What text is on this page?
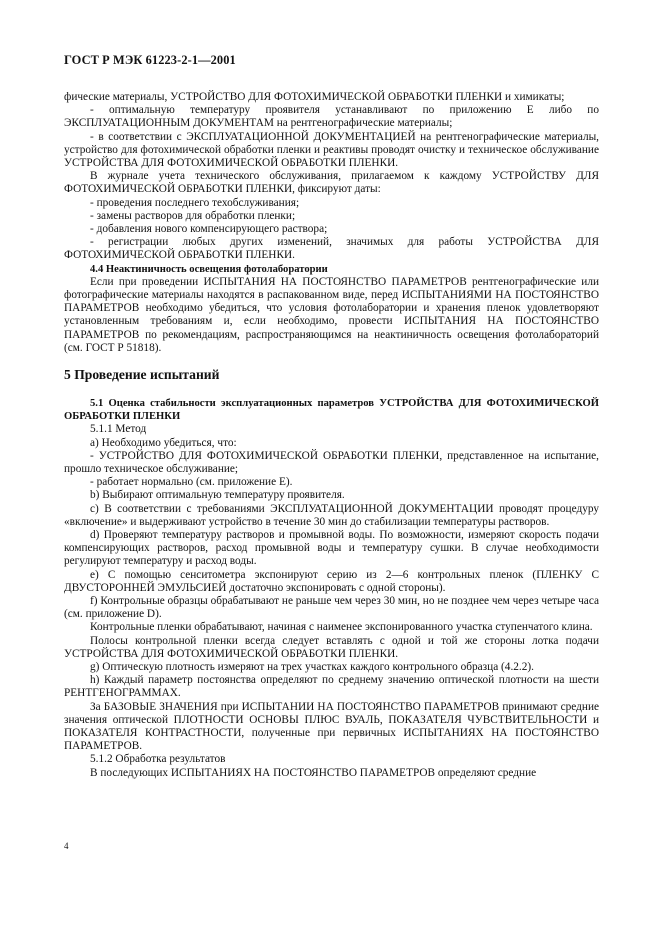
ГОСТ Р МЭК 61223-2-1—2001

фические материалы, УСТРОЙСТВО ДЛЯ ФОТОХИМИЧЕСКОЙ ОБРАБОТКИ ПЛЕНКИ и химикаты;

- оптимальную температуру проявителя устанавливают по приложению Е либо по ЭКСПЛУАТАЦИОННЫМ ДОКУМЕНТАМ на рентгенографические материалы;

- в соответствии с ЭКСПЛУАТАЦИОННОЙ ДОКУМЕНТАЦИЕЙ на рентгенографические материалы, устройство для фотохимической обработки пленки и реактивы проводят очистку и техническое обслуживание УСТРОЙСТВА ДЛЯ ФОТОХИМИЧЕСКОЙ ОБРАБОТКИ ПЛЕНКИ.

В журнале учета технического обслуживания, прилагаемом к каждому УСТРОЙСТВУ ДЛЯ ФОТОХИМИЧЕСКОЙ ОБРАБОТКИ ПЛЕНКИ, фиксируют даты:

- проведения последнего техобслуживания;

- замены растворов для обработки пленки;

- добавления нового компенсирующего раствора;

- регистрации любых других изменений, значимых для работы УСТРОЙСТВА ДЛЯ ФОТОХИМИЧЕСКОЙ ОБРАБОТКИ ПЛЕНКИ.

4.4 Неактиничность освещения фотолаборатории

Если при проведении ИСПЫТАНИЯ НА ПОСТОЯНСТВО ПАРАМЕТРОВ рентгенографические или фотографические материалы находятся в распакованном виде, перед ИСПЫТАНИЯМИ НА ПОСТОЯНСТВО ПАРАМЕТРОВ необходимо убедиться, что условия фотолаборатории и хранения пленок удовлетворяют установленным требованиям и, если необходимо, провести ИСПЫТАНИЯ НА ПОСТОЯНСТВО ПАРАМЕТРОВ по рекомендациям, распространяющимся на неактиничность освещения фотолабораторий (см. ГОСТ Р 51818).

5 Проведение испытаний

5.1 Оценка стабильности эксплуатационных параметров УСТРОЙСТВА ДЛЯ ФОТОХИМИЧЕСКОЙ ОБРАБОТКИ ПЛЕНКИ

5.1.1 Метод

a) Необходимо убедиться, что:

- УСТРОЙСТВО ДЛЯ ФОТОХИМИЧЕСКОЙ ОБРАБОТКИ ПЛЕНКИ, представленное на испытание, прошло техническое обслуживание;

- работает нормально (см. приложение Е).

b) Выбирают оптимальную температуру проявителя.

c) В соответствии с требованиями ЭКСПЛУАТАЦИОННОЙ ДОКУМЕНТАЦИИ проводят процедуру «включение» и выдерживают устройство в течение 30 мин до стабилизации температуры растворов.

d) Проверяют температуру растворов и промывной воды. По возможности, измеряют скорость подачи компенсирующих растворов, расход промывной воды и температуру сушки. В случае необходимости регулируют температуру и расход воды.

e) С помощью сенситометра экспонируют серию из 2—6 контрольных пленок (ПЛЕНКУ С ДВУСТОРОННЕЙ ЭМУЛЬСИЕЙ достаточно экспонировать с одной стороны).

f) Контрольные образцы обрабатывают не раньше чем через 30 мин, но не позднее чем через четыре часа (см. приложение D).

Контрольные пленки обрабатывают, начиная с наименее экспонированного участка ступенчатого клина.

Полосы контрольной пленки всегда следует вставлять с одной и той же стороны лотка подачи УСТРОЙСТВА ДЛЯ ФОТОХИМИЧЕСКОЙ ОБРАБОТКИ ПЛЕНКИ.

g) Оптическую плотность измеряют на трех участках каждого контрольного образца (4.2.2).

h) Каждый параметр постоянства определяют по среднему значению оптической плотности на шести РЕНТГЕНОГРАММАХ.

За БАЗОВЫЕ ЗНАЧЕНИЯ при ИСПЫТАНИИ НА ПОСТОЯНСТВО ПАРАМЕТРОВ принимают средние значения оптической ПЛОТНОСТИ ОСНОВЫ ПЛЮС ВУАЛЬ, ПОКАЗАТЕЛЯ ЧУВСТВИТЕЛЬНОСТИ и ПОКАЗАТЕЛЯ КОНТРАСТНОСТИ, полученные при первичных ИСПЫТАНИЯХ НА ПОСТОЯНСТВО ПАРАМЕТРОВ.

5.1.2 Обработка результатов

В последующих ИСПЫТАНИЯХ НА ПОСТОЯНСТВО ПАРАМЕТРОВ определяют средние

4
